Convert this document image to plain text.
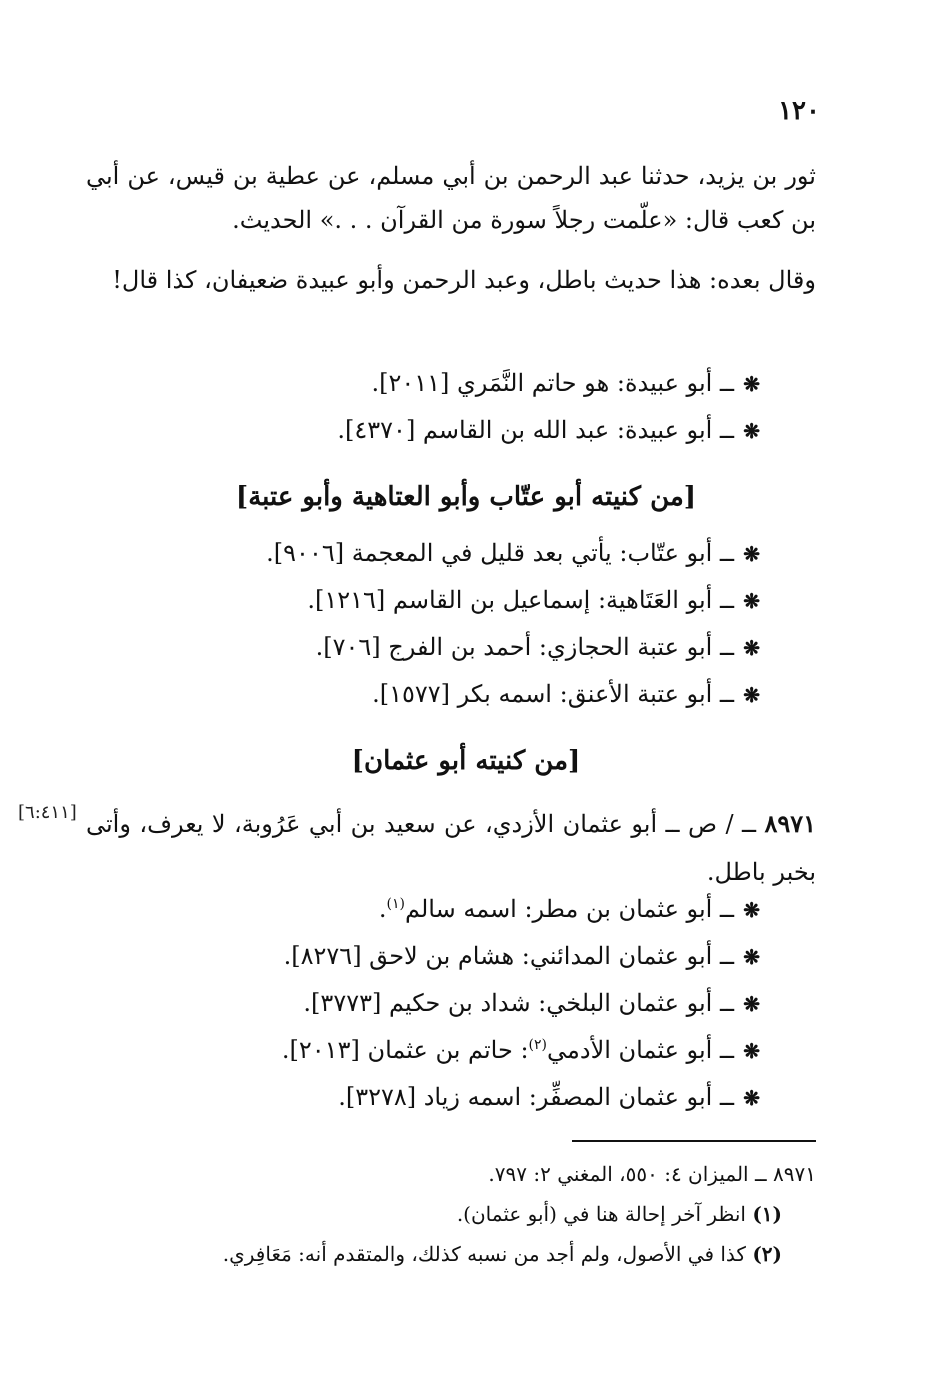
١٢٠

ثور بن يزيد، حدثنا عبد الرحمن بن أبي مسلم، عن عطية بن قيس، عن أبي بن كعب قال: «علّمت رجلاً سورة من القرآن . . .» الحديث.

وقال بعده: هذا حديث باطل، وعبد الرحمن وأبو عبيدة ضعيفان، كذا قال!

❋ــ أبو عبيدة: هو حاتم النَّمَري [٢٠١١].
❋ــ أبو عبيدة: عبد الله بن القاسم [٤٣٧٠].
[من كنيته أبو عتّاب وأبو العتاهية وأبو عتبة]
❋ــ أبو عتّاب: يأتي بعد قليل في المعجمة [٩٠٠٦].
❋ــ أبو العَتَاهية: إسماعيل بن القاسم [١٢١٦].
❋ــ أبو عتبة الحجازي: أحمد بن الفرج [٧٠٦].
❋ــ أبو عتبة الأعنق: اسمه بكر [١٥٧٧].
[من كنيته أبو عثمان]
[٦:٤١١]	٨٩٧١ ــ / ص ــ أبو عثمان الأزدي، عن سعيد بن أبي عَرُوبة، لا يعرف، وأتى بخبر باطل.

❋ــ أبو عثمان بن مطر: اسمه سالم$^{(١)}$.
❋ــ أبو عثمان المدائني: هشام بن لاحق [٨٢٧٦].
❋ــ أبو عثمان البلخي: شداد بن حكيم [٣٧٧٣].
❋ــ أبو عثمان الأدمي$^{(٢)}$: حاتم بن عثمان [٢٠١٣].
❋ــ أبو عثمان المصفِّر: اسمه زياد [٣٢٧٨].
٨٩٧١ ــ الميزان ٤: ٥٥٠، المغني ٢: ٧٩٧.
(١) انظر آخر إحالة هنا في (أبو عثمان).
(٢) كذا في الأصول، ولم أجد من نسبه كذلك، والمتقدم أنه: مَعَافِري.
